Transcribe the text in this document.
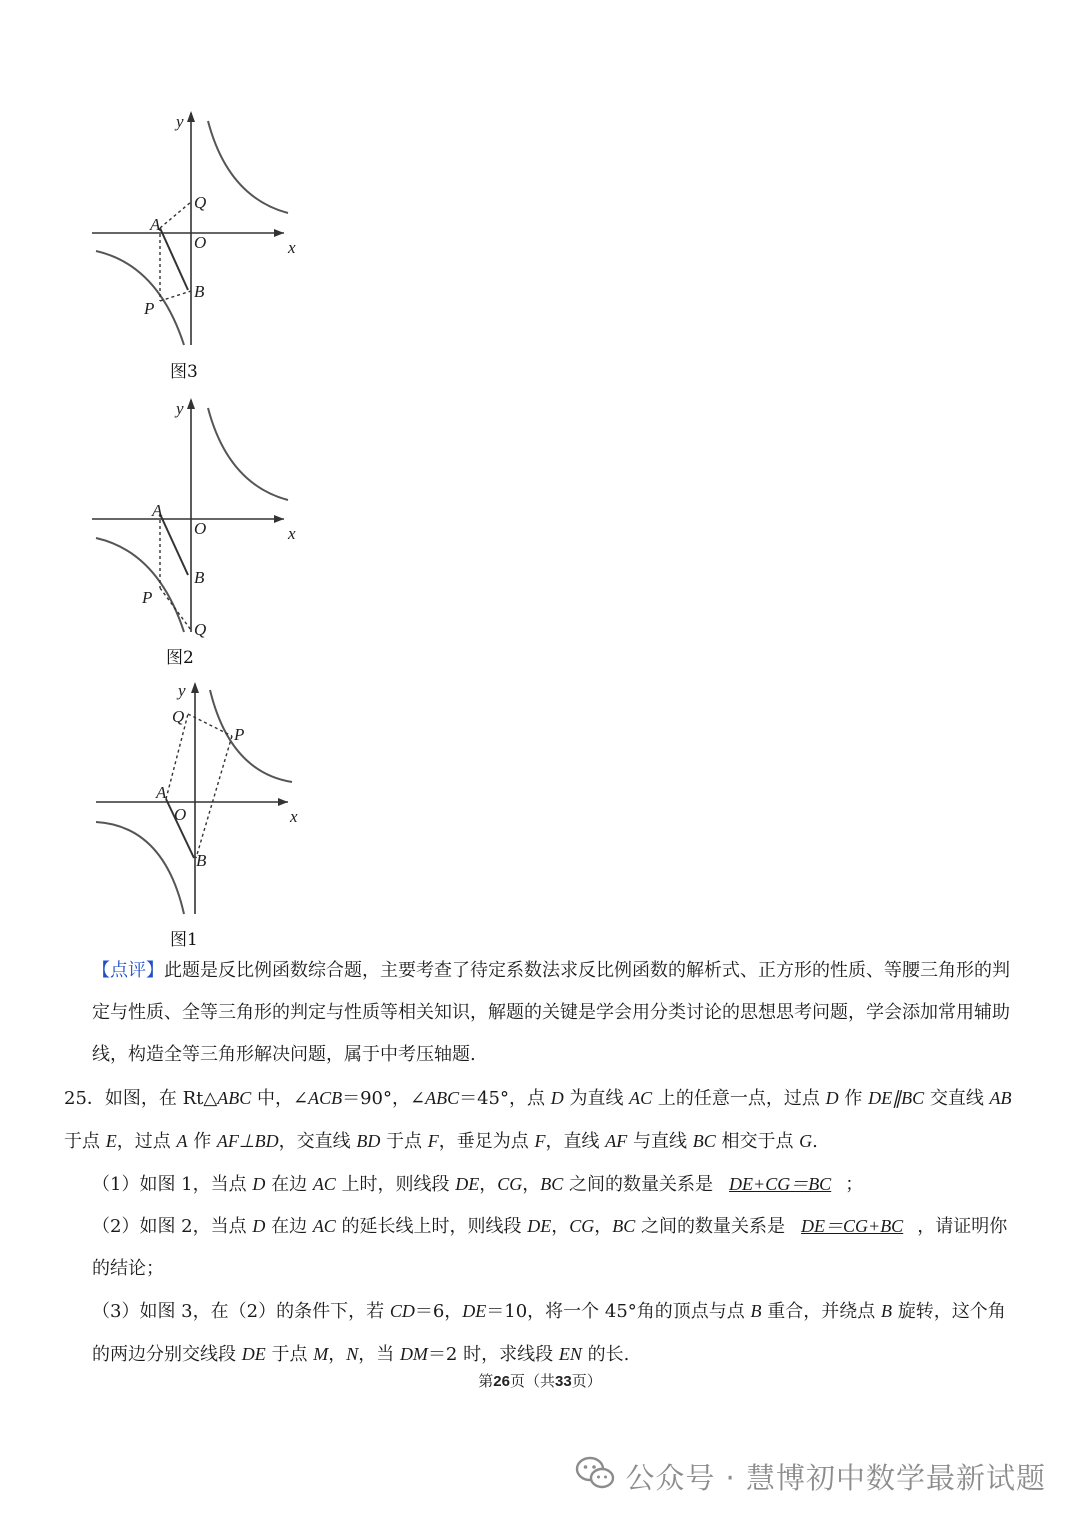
y
x
O
A
Q
B
P
图3
y
x
O
A
B
P
Q
图2
y
x
O
A
Q
P
B
图1
【点评】此题是反比例函数综合题，主要考查了待定系数法求反比例函数的解析式、正方形的性质、等腰三角形的判定与性质、全等三角形的判定与性质等相关知识，解题的关键是学会用分类讨论的思想思考问题，学会添加常用辅助线，构造全等三角形解决问题，属于中考压轴题.
25．如图，在 Rt△ABC 中，∠ACB＝90°，∠ABC＝45°，点 D 为直线 AC 上的任意一点，过点 D 作 DE∥BC 交直线 AB 于点 E，过点 A 作 AF⊥BD，交直线 BD 于点 F，垂足为点 F，直线 AF 与直线 BC 相交于点 G.
（1）如图 1，当点 D 在边 AC 上时，则线段 DE，CG，BC 之间的数量关系是 DE+CG＝BC ；
（2）如图 2，当点 D 在边 AC 的延长线上时，则线段 DE，CG，BC 之间的数量关系是 DE＝CG+BC ，请证明你的结论；
（3）如图 3，在（2）的条件下，若 CD＝6，DE＝10，将一个 45°角的顶点与点 B 重合，并绕点 B 旋转，这个角的两边分别交线段 DE 于点 M，N，当 DM＝2 时，求线段 EN 的长.
第26页（共33页）
公众号 · 慧博初中数学最新试题
